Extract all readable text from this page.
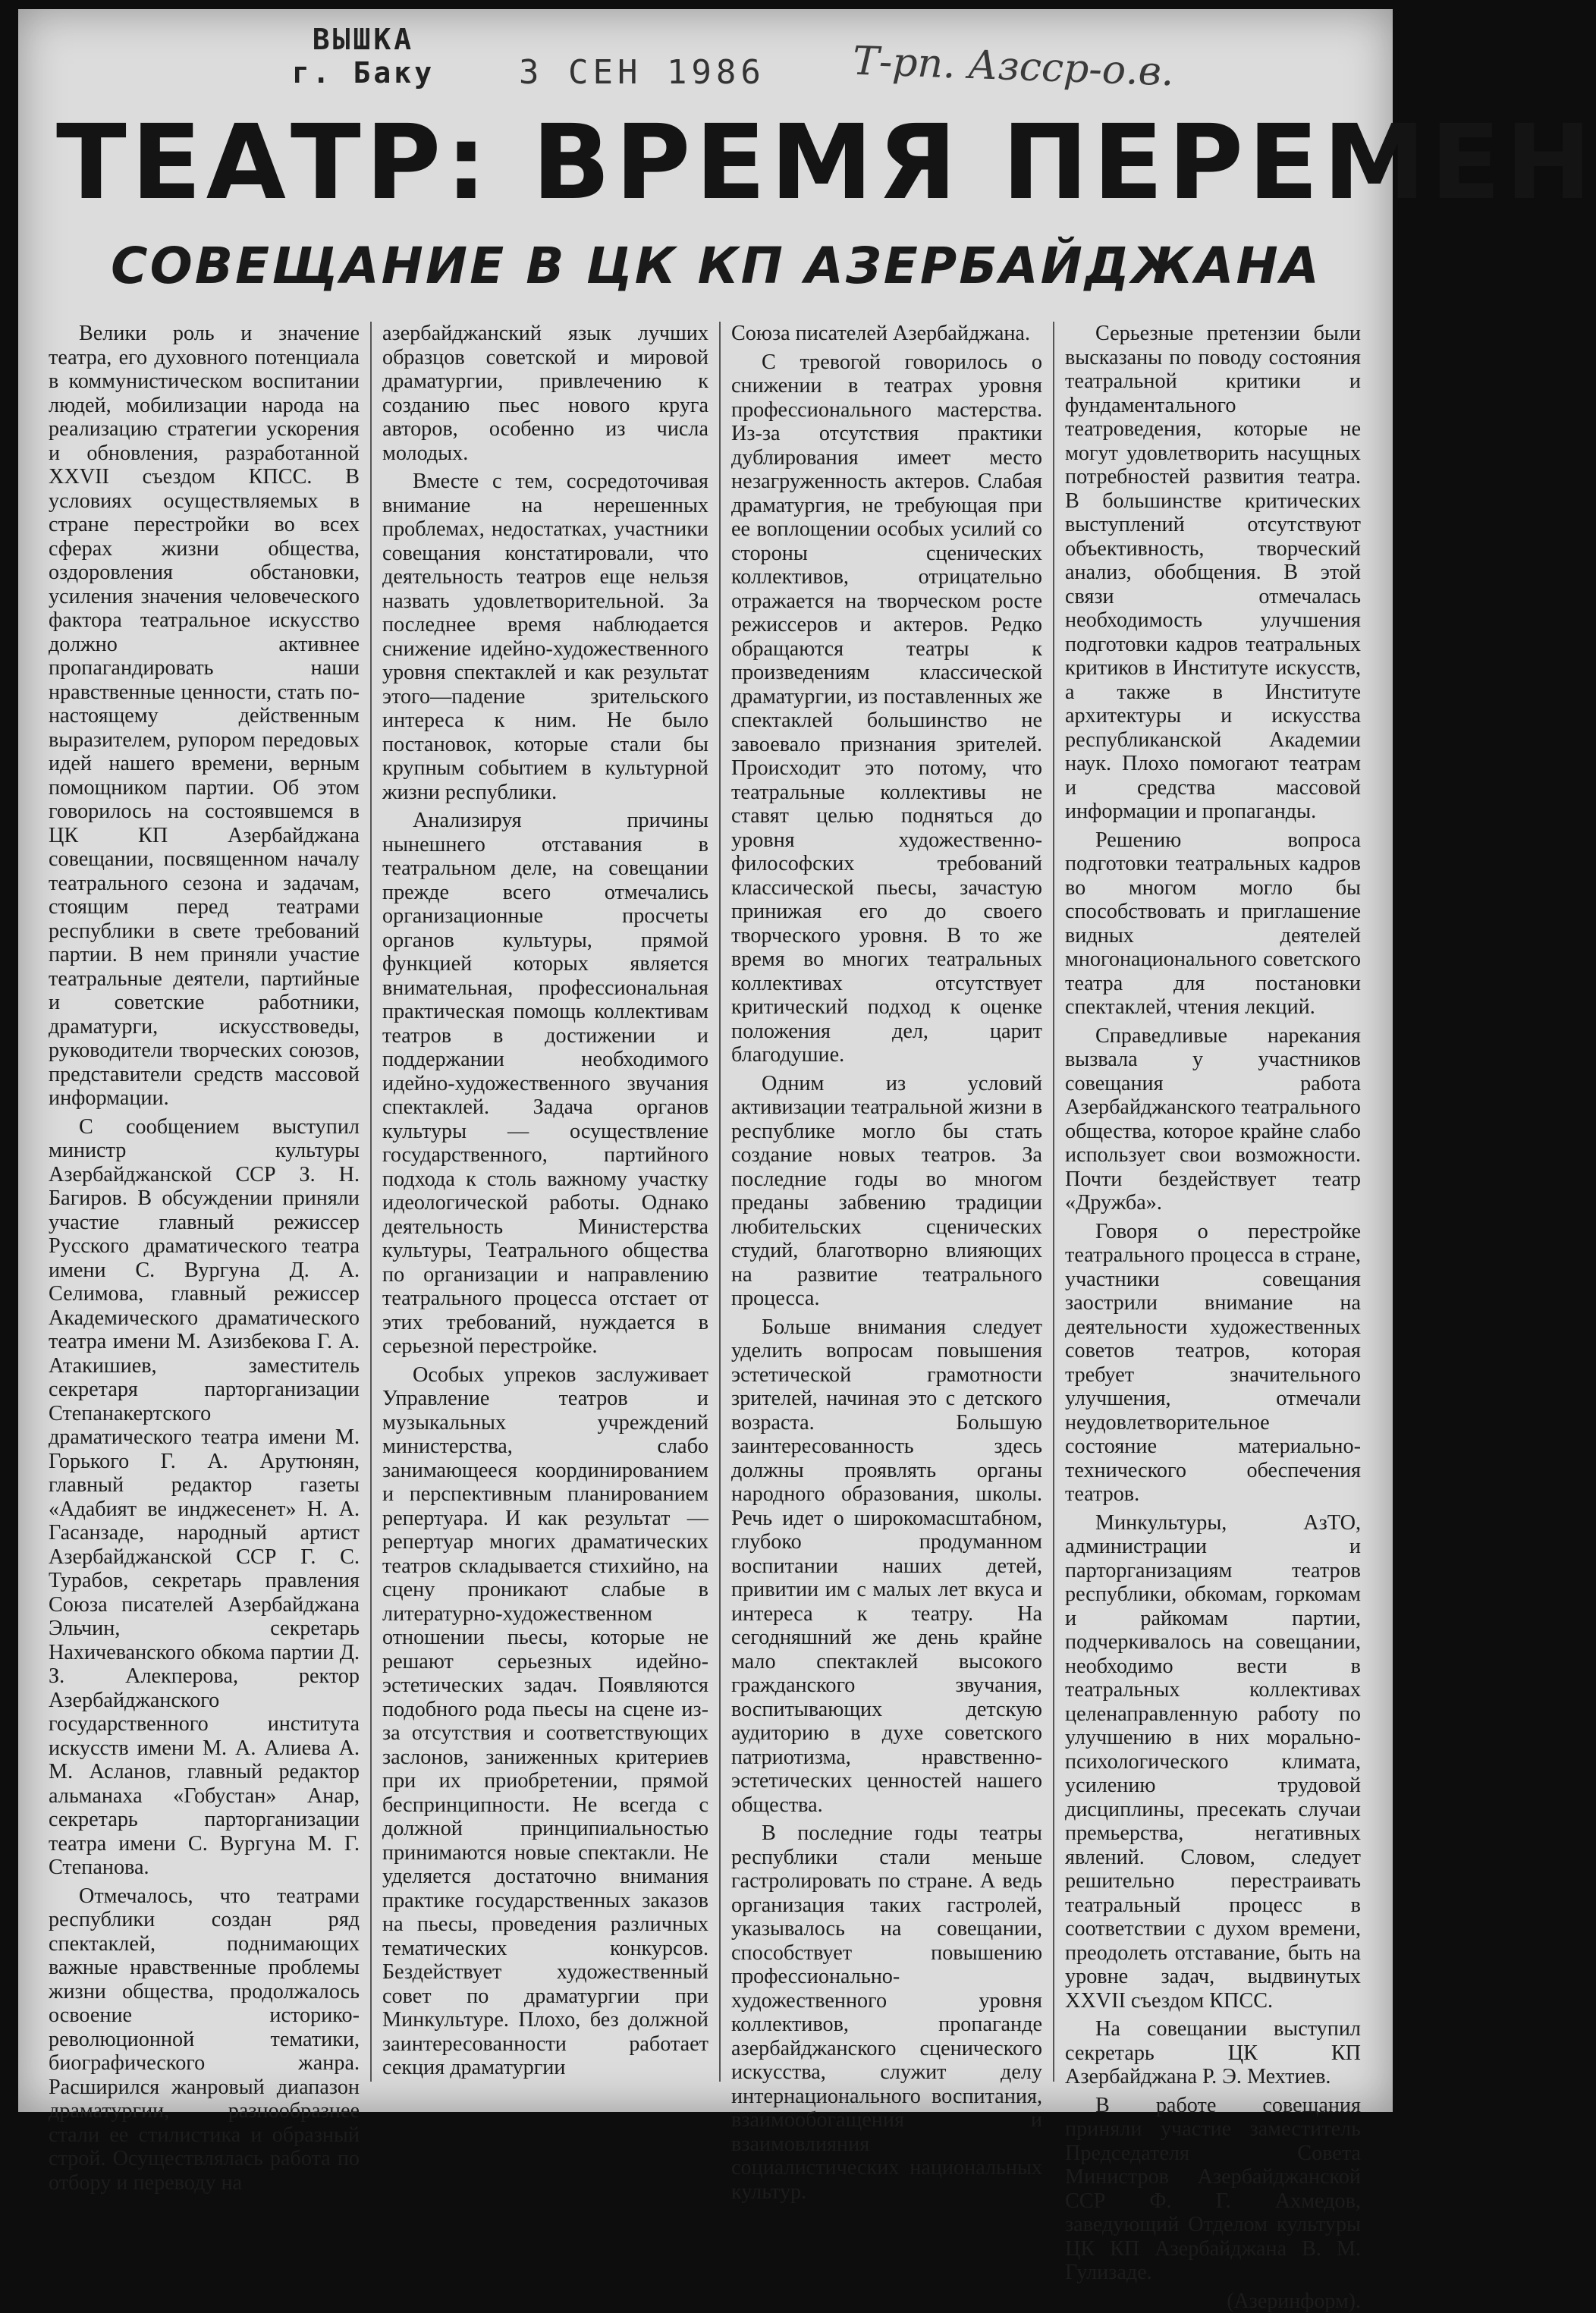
ВЫШКА
г. Баку	3 СЕН 1986 Т-рп. Азсср-о.в.
ТЕАТР: ВРЕМЯ ПЕРЕМЕН
СОВЕЩАНИЕ В ЦК КП АЗЕРБАЙДЖАНА

Велики роль и значение театра, его духовного потенциала в коммунистическом воспитании людей, мобилизации народа на реализацию стратегии ускорения и обновления, разработанной XXVII съездом КПСС. В условиях осуществляемых в стране перестройки во всех сферах жизни общества, оздоровления обстановки, усиления значения человеческого фактора театральное искусство должно активнее пропагандировать наши нравственные ценности, стать по-настоящему действенным выразителем, рупором передовых идей нашего времени, верным помощником партии. Об этом говорилось на состоявшемся в ЦК КП Азербайджана совещании, посвященном началу театрального сезона и задачам, стоящим перед театрами республики в свете требований партии. В нем приняли участие театральные деятели, партийные и советские работники, драматурги, искусствоведы, руководители творческих союзов, представители средств массовой информации.

С сообщением выступил министр культуры Азербайджанской ССР З. Н. Багиров. В обсуждении приняли участие главный режиссер Русского драматического театра имени С. Вургуна Д. А. Селимова, главный режиссер Академического драматического театра имени М. Азизбекова Г. А. Атакишиев, заместитель секретаря парторганизации Степанакертского драматического театра имени М. Горького Г. А. Арутюнян, главный редактор газеты «Адабият ве инджесенет» Н. А. Гасанзаде, народный артист Азербайджанской ССР Г. С. Турабов, секретарь правления Союза писателей Азербайджана Эльчин, секретарь Нахичеванского обкома партии Д. З. Алекперова, ректор Азербайджанского государственного института искусств имени М. А. Алиева А. М. Асланов, главный редактор альманаха «Гобустан» Анар, секретарь парторганизации театра имени С. Вургуна М. Г. Степанова.

Отмечалось, что театрами республики создан ряд спектаклей, поднимающих важные нравственные проблемы жизни общества, продолжалось освоение историко-революционной тематики, биографического жанра. Расширился жанровый диапазон драматургии, разнообразнее стали ее стилистика и образный строй. Осуществлялась работа по отбору и переводу на

азербайджанский язык лучших образцов советской и мировой драматургии, привлечению к созданию пьес нового круга авторов, особенно из числа молодых.

Вместе с тем, сосредоточивая внимание на нерешенных проблемах, недостатках, участники совещания констатировали, что деятельность театров еще нельзя назвать удовлетворительной. За последнее время наблюдается снижение идейно-художественного уровня спектаклей и как результат этого—падение зрительского интереса к ним. Не было постановок, которые стали бы крупным событием в культурной жизни республики.

Анализируя причины нынешнего отставания в театральном деле, на совещании прежде всего отмечались организационные просчеты органов культуры, прямой функцией которых является внимательная, профессиональная практическая помощь коллективам театров в достижении и поддержании необходимого идейно-художественного звучания спектаклей. Задача органов культуры — осуществление государственного, партийного подхода к столь важному участку идеологической работы. Однако деятельность Министерства культуры, Театрального общества по организации и направлению театрального процесса отстает от этих требований, нуждается в серьезной перестройке.

Особых упреков заслуживает Управление театров и музыкальных учреждений министерства, слабо занимающееся координированием и перспективным планированием репертуара. И как результат — репертуар многих драматических театров складывается стихийно, на сцену проникают слабые в литературно-художественном отношении пьесы, которые не решают серьезных идейно-эстетических задач. Появляются подобного рода пьесы на сцене из-за отсутствия и соответствующих заслонов, заниженных критериев при их приобретении, прямой беспринципности. Не всегда с должной принципиальностью принимаются новые спектакли. Не уделяется достаточно внимания практике государственных заказов на пьесы, проведения различных тематических конкурсов. Бездействует художественный совет по драматургии при Минкультуре. Плохо, без должной заинтересованности работает секция драматургии

Союза писателей Азербайджана.

С тревогой говорилось о снижении в театрах уровня профессионального мастерства. Из-за отсутствия практики дублирования имеет место незагруженность актеров. Слабая драматургия, не требующая при ее воплощении особых усилий со стороны сценических коллективов, отрицательно отражается на творческом росте режиссеров и актеров. Редко обращаются театры к произведениям классической драматургии, из поставленных же спектаклей большинство не завоевало признания зрителей. Происходит это потому, что театральные коллективы не ставят целью подняться до уровня художественно-философских требований классической пьесы, зачастую принижая его до своего творческого уровня. В то же время во многих театральных коллективах отсутствует критический подход к оценке положения дел, царит благодушие.

Одним из условий активизации театральной жизни в республике могло бы стать создание новых театров. За последние годы во многом преданы забвению традиции любительских сценических студий, благотворно влияющих на развитие театрального процесса.

Больше внимания следует уделить вопросам повышения эстетической грамотности зрителей, начиная это с детского возраста. Большую заинтересованность здесь должны проявлять органы народного образования, школы. Речь идет о широкомасштабном, глубоко продуманном воспитании наших детей, привитии им с малых лет вкуса и интереса к театру. На сегодняшний же день крайне мало спектаклей высокого гражданского звучания, воспитывающих детскую аудиторию в духе советского патриотизма, нравственно-эстетических ценностей нашего общества.

В последние годы театры республики стали меньше гастролировать по стране. А ведь организация таких гастролей, указывалось на совещании, способствует повышению профессионально-художественного уровня коллективов, пропаганде азербайджанского сценического искусства, служит делу интернационального воспитания, взаимообогащения и взаимовлияния социалистических национальных культур.

Серьезные претензии были высказаны по поводу состояния театральной критики и фундаментального театроведения, которые не могут удовлетворить насущных потребностей развития театра. В большинстве критических выступлений отсутствуют объективность, творческий анализ, обобщения. В этой связи отмечалась необходимость улучшения подготовки кадров театральных критиков в Институте искусств, а также в Институте архитектуры и искусства республиканской Академии наук. Плохо помогают театрам и средства массовой информации и пропаганды.

Решению вопроса подготовки театральных кадров во многом могло бы способствовать и приглашение видных деятелей многонационального советского театра для постановки спектаклей, чтения лекций.

Справедливые нарекания вызвала у участников совещания работа Азербайджанского театрального общества, которое крайне слабо использует свои возможности. Почти бездействует театр «Дружба».

Говоря о перестройке театрального процесса в стране, участники совещания заострили внимание на деятельности художественных советов театров, которая требует значительного улучшения, отмечали неудовлетворительное состояние материально-технического обеспечения театров.

Минкультуры, АзТО, администрации и парторганизациям театров республики, обкомам, горкомам и райкомам партии, подчеркивалось на совещании, необходимо вести в театральных коллективах целенаправленную работу по улучшению в них морально-психологического климата, усилению трудовой дисциплины, пресекать случаи премьерства, негативных явлений. Словом, следует решительно перестраивать театральный процесс в соответствии с духом времени, преодолеть отставание, быть на уровне задач, выдвинутых XXVII съездом КПСС.

На совещании выступил секретарь ЦК КП Азербайджана Р. Э. Мехтиев.

В работе совещания приняли участие заместитель Председателя Совета Министров Азербайджанской ССР Ф. Г. Ахмедов, заведующий Отделом культуры ЦК КП Азербайджана В. М. Гулизаде.

(Азеринформ).
